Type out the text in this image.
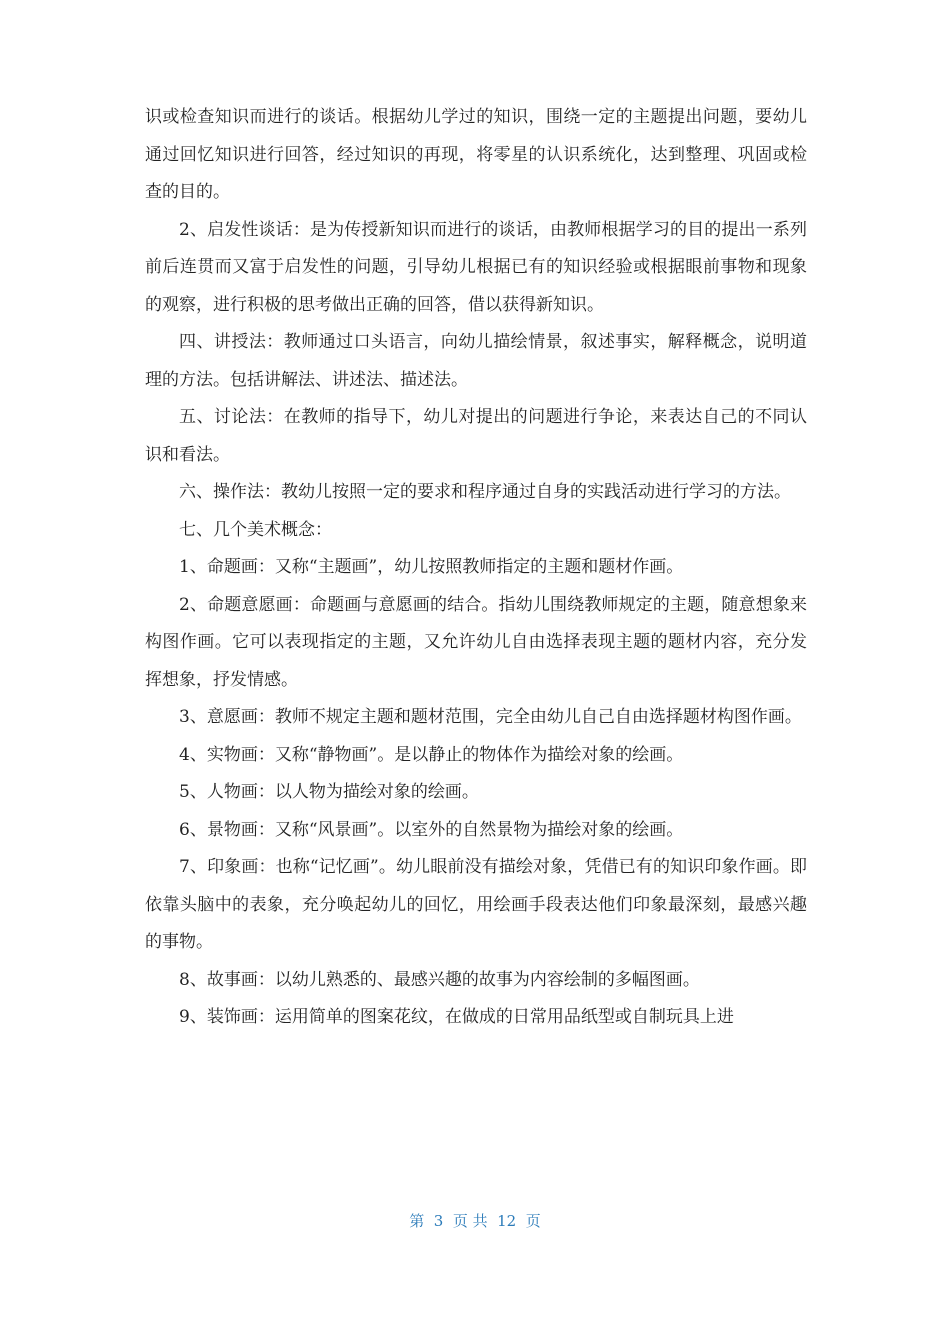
识或检查知识而进行的谈话。根据幼儿学过的知识，围绕一定的主题提出问题，要幼儿通过回忆知识进行回答，经过知识的再现，将零星的认识系统化，达到整理、巩固或检查的目的。

2、启发性谈话：是为传授新知识而进行的谈话，由教师根据学习的目的提出一系列前后连贯而又富于启发性的问题，引导幼儿根据已有的知识经验或根据眼前事物和现象的观察，进行积极的思考做出正确的回答，借以获得新知识。

四、讲授法：教师通过口头语言，向幼儿描绘情景，叙述事实，解释概念，说明道理的方法。包括讲解法、讲述法、描述法。

五、讨论法：在教师的指导下，幼儿对提出的问题进行争论，来表达自己的不同认识和看法。

六、操作法：教幼儿按照一定的要求和程序通过自身的实践活动进行学习的方法。

七、几个美术概念：

1、命题画：又称“主题画”，幼儿按照教师指定的主题和题材作画。

2、命题意愿画：命题画与意愿画的结合。指幼儿围绕教师规定的主题，随意想象来构图作画。它可以表现指定的主题，又允许幼儿自由选择表现主题的题材内容，充分发挥想象，抒发情感。

3、意愿画：教师不规定主题和题材范围，完全由幼儿自己自由选择题材构图作画。

4、实物画：又称“静物画”。是以静止的物体作为描绘对象的绘画。

5、人物画：以人物为描绘对象的绘画。

6、景物画：又称“风景画”。以室外的自然景物为描绘对象的绘画。

7、印象画：也称“记忆画”。幼儿眼前没有描绘对象，凭借已有的知识印象作画。即依靠头脑中的表象，充分唤起幼儿的回忆，用绘画手段表达他们印象最深刻，最感兴趣的事物。

8、故事画：以幼儿熟悉的、最感兴趣的故事为内容绘制的多幅图画。

9、装饰画：运用简单的图案花纹，在做成的日常用品纸型或自制玩具上进

第  3  页 共  12  页
